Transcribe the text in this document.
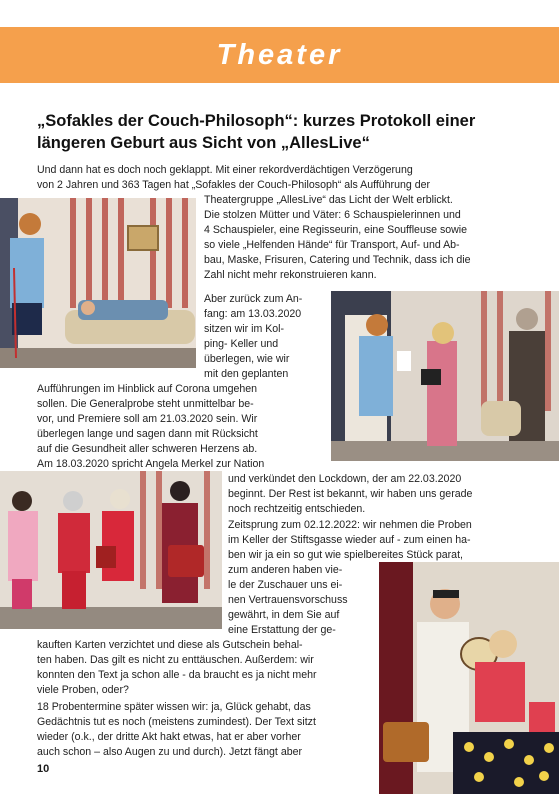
Theater
„Sofakles der Couch-Philosoph“: kurzes Protokoll einer
längeren Geburt aus Sicht von „AllesLive“
Und dann hat es doch noch geklappt. Mit einer rekordverdächtigen Verzögerung
von 2 Jahren und 363 Tagen hat „Sofakles der Couch-Philosoph“ als Aufführung der
Theatergruppe „AllesLive“ das Licht der Welt erblickt.
Die stolzen Mütter und Väter: 6 Schauspielerinnen und
4 Schauspieler, eine Regisseurin, eine Souffleuse sowie
so viele „Helfenden Hände“ für Transport, Auf- und Ab-
bau, Maske, Frisuren, Catering und Technik, dass ich die
Zahl nicht mehr rekonstruieren kann.
Aber zurück zum An-
fang: am 13.03.2020
sitzen wir im Kol-
ping- Keller und
überlegen, wie wir
mit den geplanten
Aufführungen im Hinblick auf Corona umgehen
sollen. Die Generalprobe steht unmittelbar be-
vor, und Premiere soll am 21.03.2020 sein. Wir
überlegen lange und sagen dann mit Rücksicht
auf die Gesundheit aller schweren Herzens ab.
Am 18.03.2020 spricht Angela Merkel zur Nation
und verkündet den Lockdown, der am 22.03.2020
beginnt. Der Rest ist bekannt, wir haben uns gerade
noch rechtzeitig entschieden.
Zeitsprung zum 02.12.2022: wir nehmen die Proben
im Keller der Stiftsgasse wieder auf - zum einen ha-
ben wir ja ein so gut wie spielbereites Stück parat,
zum anderen haben vie-
le der Zuschauer uns ei-
nen Vertrauensvorschuss
gewährt, in dem Sie auf
eine Erstattung der ge-
kauften Karten verzichtet und diese als Gutschein behal-
ten haben. Das gilt es nicht zu enttäuschen. Außerdem: wir
konnten den Text ja schon alle - da braucht es ja nicht mehr
viele Proben, oder?
18 Probentermine später wissen wir: ja, Glück gehabt, das
Gedächtnis tut es noch (meistens zumindest). Der Text sitzt
wieder (o.k., der dritte Akt hakt etwas, hat er aber vorher
auch schon – also Augen zu und durch). Jetzt fängt aber
10
